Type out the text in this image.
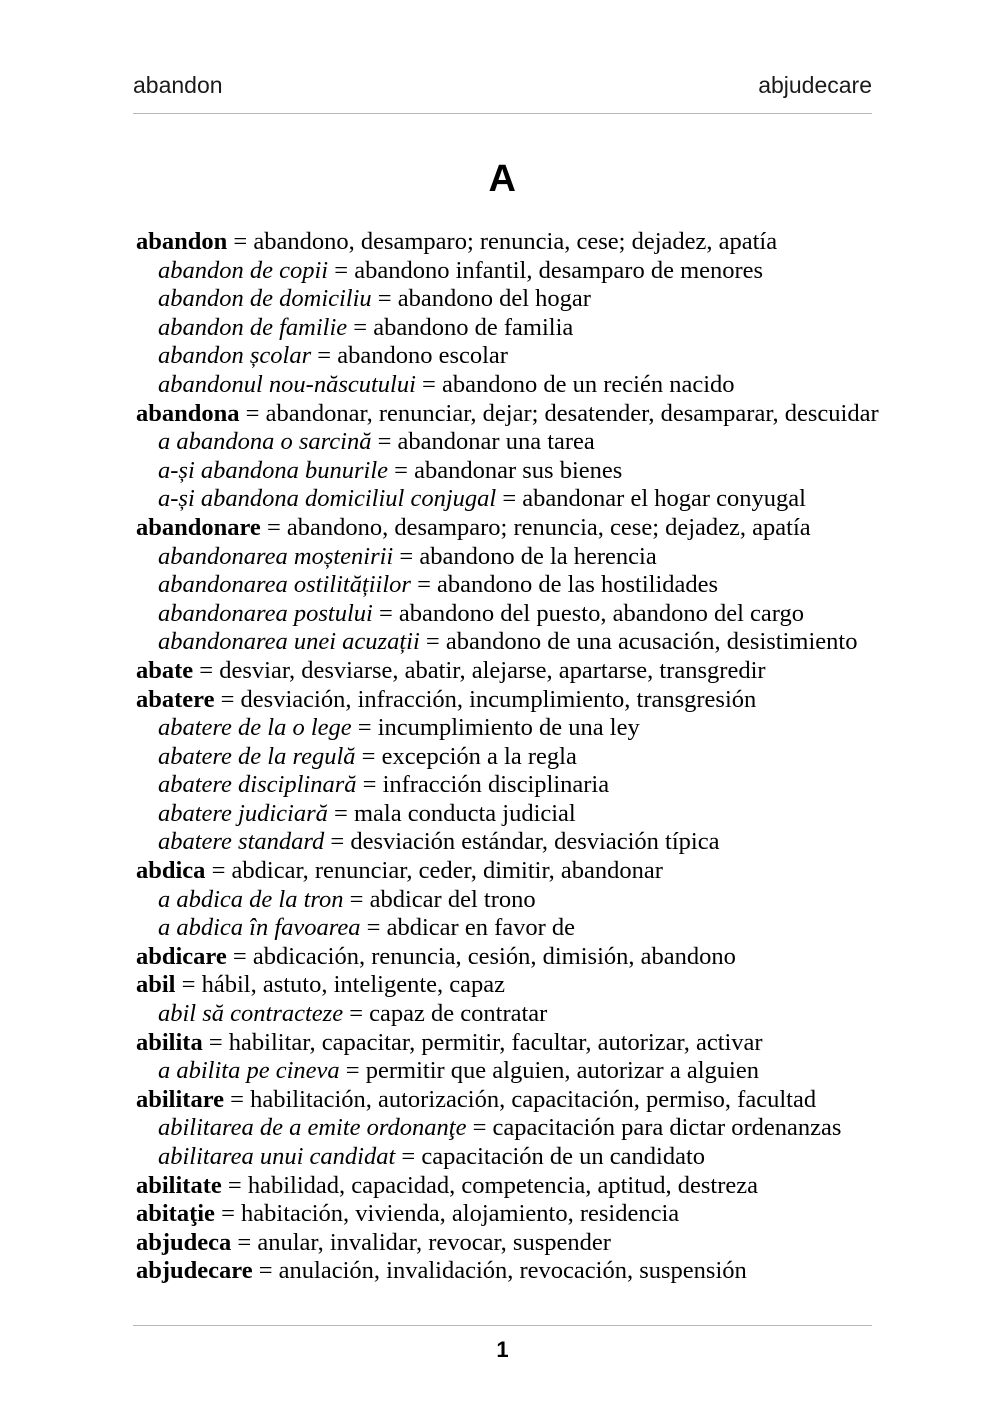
abandon	abjudecare
A
abandon = abandono, desamparo; renuncia, cese; dejadez, apatía
abandon de copii = abandono infantil, desamparo de menores
abandon de domiciliu = abandono del hogar
abandon de familie = abandono de familia
abandon școlar = abandono escolar
abandonul nou-născutului = abandono de un recién nacido
abandona = abandonar, renunciar, dejar; desatender, desamparar, descuidar
a abandona o sarcină = abandonar una tarea
a-și abandona bunurile = abandonar sus bienes
a-și abandona domiciliul conjugal = abandonar el hogar conyugal
abandonare = abandono, desamparo; renuncia, cese; dejadez, apatía
abandonarea moștenirii = abandono de la herencia
abandonarea ostilitățiilor = abandono de las hostilidades
abandonarea postului = abandono del puesto, abandono del cargo
abandonarea unei acuzații = abandono de una acusación, desistimiento
abate = desviar, desviarse, abatir, alejarse, apartarse, transgredir
abatere = desviación, infracción, incumplimiento, transgresión
abatere de la o lege = incumplimiento de una ley
abatere de la regulă = excepción a la regla
abatere disciplinară = infracción disciplinaria
abatere judiciară = mala conducta judicial
abatere standard = desviación estándar, desviación típica
abdica = abdicar, renunciar, ceder, dimitir, abandonar
a abdica de la tron = abdicar del trono
a abdica în favoarea = abdicar en favor de
abdicare = abdicación, renuncia, cesión, dimisión, abandono
abil = hábil, astuto, inteligente, capaz
abil să contracteze = capaz de contratar
abilita = habilitar, capacitar, permitir, facultar, autorizar, activar
a abilita pe cineva = permitir que alguien, autorizar a alguien
abilitare = habilitación, autorización, capacitación, permiso, facultad
abilitarea de a emite ordonanţe = capacitación para dictar ordenanzas
abilitarea unui candidat = capacitación de un candidato
abilitate = habilidad, capacidad, competencia, aptitud, destreza
abitaţie = habitación, vivienda, alojamiento, residencia
abjudeca = anular, invalidar, revocar, suspender
abjudecare = anulación, invalidación, revocación, suspensión
1
